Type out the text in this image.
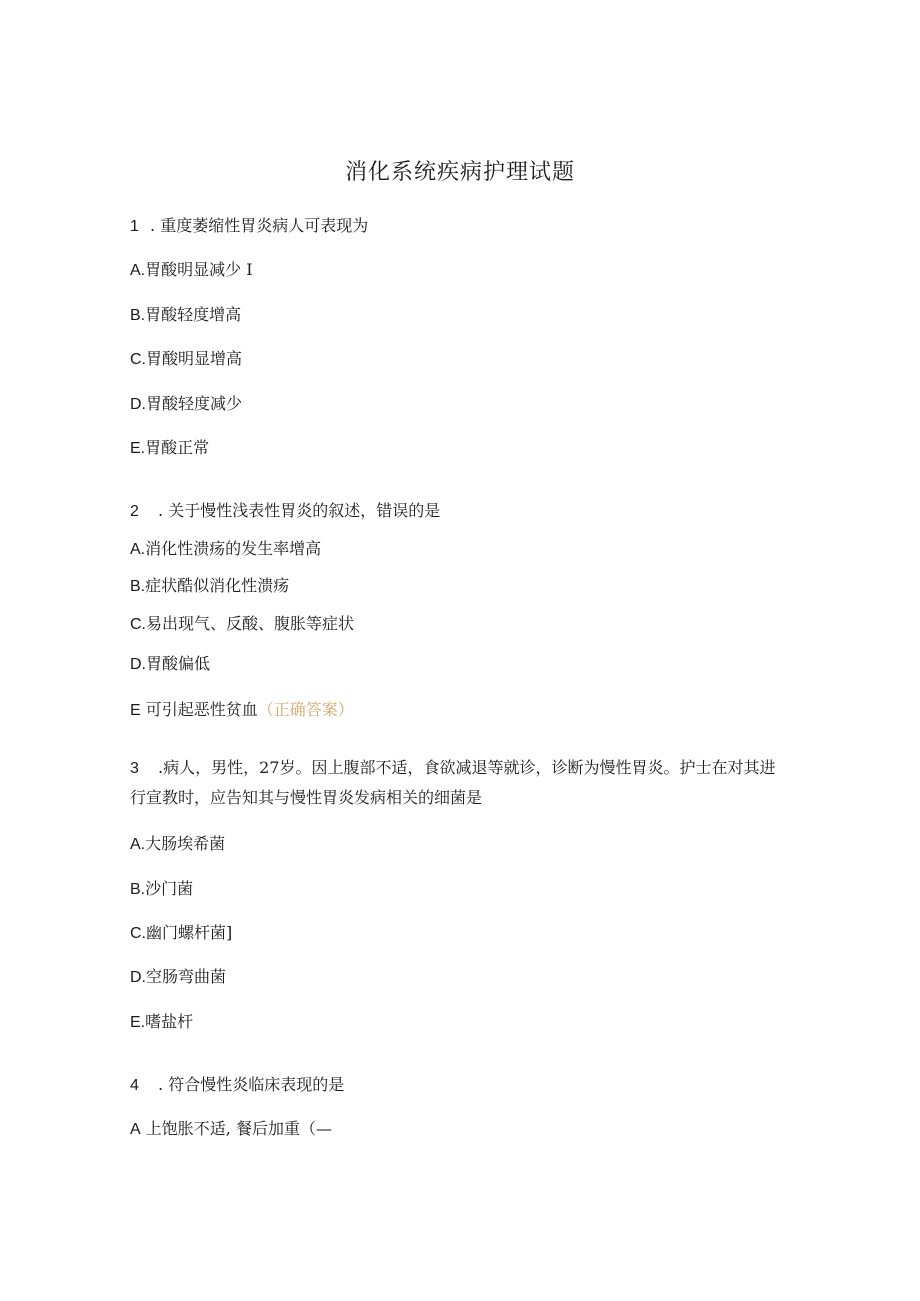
消化系统疾病护理试题
1 . 重度萎缩性胃炎病人可表现为
A.胃酸明显减少 I
B.胃酸轻度增高
C.胃酸明显增高
D.胃酸轻度减少
E.胃酸正常
2 . 关于慢性浅表性胃炎的叙述，错误的是
A.消化性溃疡的发生率增高
B.症状酷似消化性溃疡
C.易出现气、反酸、腹胀等症状
D.胃酸偏低
E 可引起恶性贫血（正确答案）
3 .病人，男性，27岁。因上腹部不适，食欲减退等就诊，诊断为慢性胃炎。护士在对其进行宣教时，应告知其与慢性胃炎发病相关的细菌是
A.大肠埃希菌
B.沙门菌
C.幽门螺杆菌]
D.空肠弯曲菌
E.嗜盐杆
4 . 符合慢性炎临床表现的是
A 上饱胀不适, 餐后加重（—
